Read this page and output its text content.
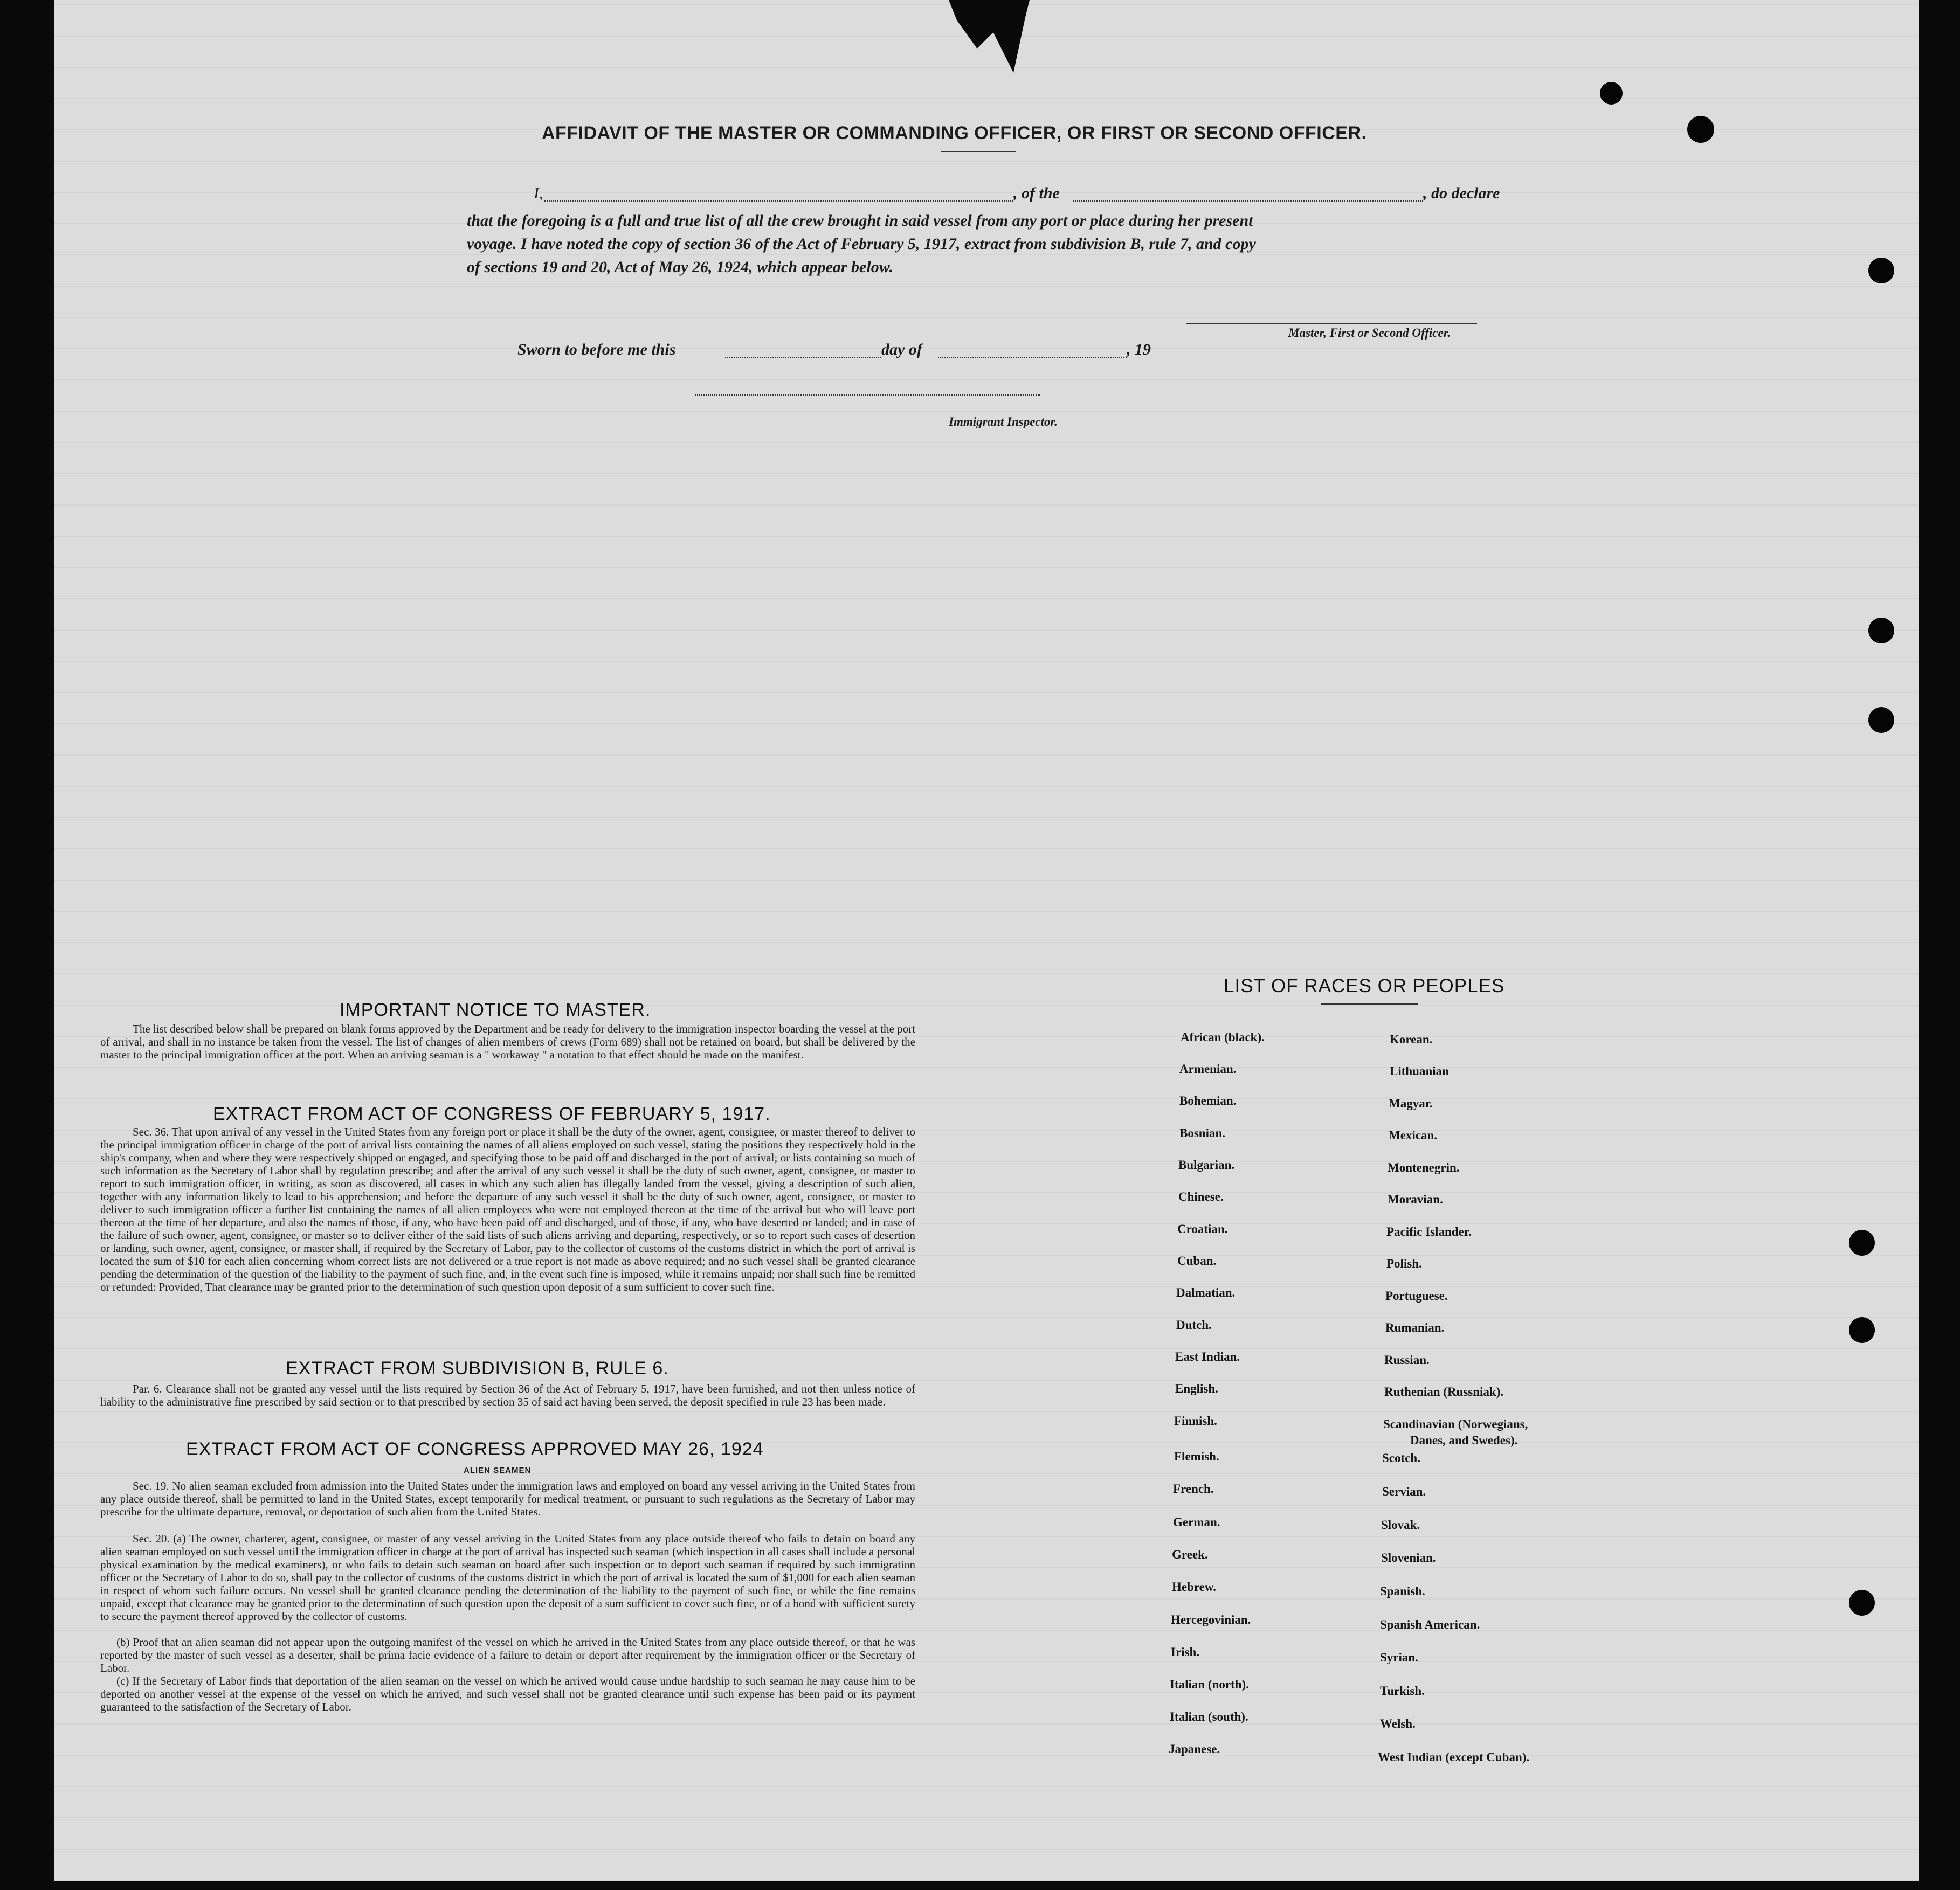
AFFIDAVIT OF THE MASTER OR COMMANDING OFFICER, OR FIRST OR SECOND OFFICER.
I,	, of the	, do declare
that the foregoing is a full and true list of all the crew brought in said vessel from any port or place during her present
voyage. I have noted the copy of section 36 of the Act of February 5, 1917, extract from subdivision B, rule 7, and copy
of sections 19 and 20, Act of May 26, 1924, which appear below.
Master, First or Second Officer.
Sworn to before me this	day of	, 19
Immigrant Inspector.
IMPORTANT NOTICE TO MASTER.
The list described below shall be prepared on blank forms approved by the Department and be ready for delivery to the immigration inspector boarding the vessel at the port of arrival, and shall in no instance be taken from the vessel. The list of changes of alien members of crews (Form 689) shall not be retained on board, but shall be delivered by the master to the principal immigration officer at the port. When an arriving seaman is a " workaway " a notation to that effect should be made on the manifest.
EXTRACT FROM ACT OF CONGRESS OF FEBRUARY 5, 1917.
Sec. 36. That upon arrival of any vessel in the United States from any foreign port or place it shall be the duty of the owner, agent, consignee, or master thereof to deliver to the principal immigration officer in charge of the port of arrival lists containing the names of all aliens employed on such vessel, stating the positions they respectively hold in the ship's company, when and where they were respectively shipped or engaged, and specifying those to be paid off and discharged in the port of arrival; or lists containing so much of such information as the Secretary of Labor shall by regulation prescribe; and after the arrival of any such vessel it shall be the duty of such owner, agent, consignee, or master to report to such immigration officer, in writing, as soon as discovered, all cases in which any such alien has illegally landed from the vessel, giving a description of such alien, together with any information likely to lead to his apprehension; and before the departure of any such vessel it shall be the duty of such owner, agent, consignee, or master to deliver to such immigration officer a further list containing the names of all alien employees who were not employed thereon at the time of the arrival but who will leave port thereon at the time of her departure, and also the names of those, if any, who have been paid off and discharged, and of those, if any, who have deserted or landed; and in case of the failure of such owner, agent, consignee, or master so to deliver either of the said lists of such aliens arriving and departing, respectively, or so to report such cases of desertion or landing, such owner, agent, consignee, or master shall, if required by the Secretary of Labor, pay to the collector of customs of the customs district in which the port of arrival is located the sum of $10 for each alien concerning whom correct lists are not delivered or a true report is not made as above required; and no such vessel shall be granted clearance pending the determination of the question of the liability to the payment of such fine, and, in the event such fine is imposed, while it remains unpaid; nor shall such fine be remitted or refunded: Provided, That clearance may be granted prior to the determination of such question upon deposit of a sum sufficient to cover such fine.
EXTRACT FROM SUBDIVISION B, RULE 6.
Par. 6. Clearance shall not be granted any vessel until the lists required by Section 36 of the Act of February 5, 1917, have been furnished, and not then unless notice of liability to the administrative fine prescribed by said section or to that prescribed by section 35 of said act having been served, the deposit specified in rule 23 has been made.
EXTRACT FROM ACT OF CONGRESS APPROVED MAY 26, 1924
ALIEN SEAMEN
Sec. 19. No alien seaman excluded from admission into the United States under the immigration laws and employed on board any vessel arriving in the United States from any place outside thereof, shall be permitted to land in the United States, except temporarily for medical treatment, or pursuant to such regulations as the Secretary of Labor may prescribe for the ultimate departure, removal, or deportation of such alien from the United States.
Sec. 20. (a) The owner, charterer, agent, consignee, or master of any vessel arriving in the United States from any place outside thereof who fails to detain on board any alien seaman employed on such vessel until the immigration officer in charge at the port of arrival has inspected such seaman (which inspection in all cases shall include a personal physical examination by the medical examiners), or who fails to detain such seaman on board after such inspection or to deport such seaman if required by such immigration officer or the Secretary of Labor to do so, shall pay to the collector of customs of the customs district in which the port of arrival is located the sum of $1,000 for each alien seaman in respect of whom such failure occurs. No vessel shall be granted clearance pending the determination of the liability to the payment of such fine, or while the fine remains unpaid, except that clearance may be granted prior to the determination of such question upon the deposit of a sum sufficient to cover such fine, or of a bond with sufficient surety to secure the payment thereof approved by the collector of customs.
(b) Proof that an alien seaman did not appear upon the outgoing manifest of the vessel on which he arrived in the United States from any place outside thereof, or that he was reported by the master of such vessel as a deserter, shall be prima facie evidence of a failure to detain or deport after requirement by the immigration officer or the Secretary of Labor.
(c) If the Secretary of Labor finds that deportation of the alien seaman on the vessel on which he arrived would cause undue hardship to such seaman he may cause him to be deported on another vessel at the expense of the vessel on which he arrived, and such vessel shall not be granted clearance until such expense has been paid or its payment guaranteed to the satisfaction of the Secretary of Labor.
LIST OF RACES OR PEOPLES
African (black).
Armenian.
Bohemian.
Bosnian.
Bulgarian.
Chinese.
Croatian.
Cuban.
Dalmatian.
Dutch.
East Indian.
English.
Finnish.
Flemish.
French.
German.
Greek.
Hebrew.
Hercegovinian.
Irish.
Italian (north).
Italian (south).
Japanese.
Korean.
Lithuanian
Magyar.
Mexican.
Montenegrin.
Moravian.
Pacific Islander.
Polish.
Portuguese.
Rumanian.
Russian.
Ruthenian (Russniak).
Scandinavian (Norwegians,
Danes, and Swedes).
Scotch.
Servian.
Slovak.
Slovenian.
Spanish.
Spanish American.
Syrian.
Turkish.
Welsh.
West Indian (except Cuban).
